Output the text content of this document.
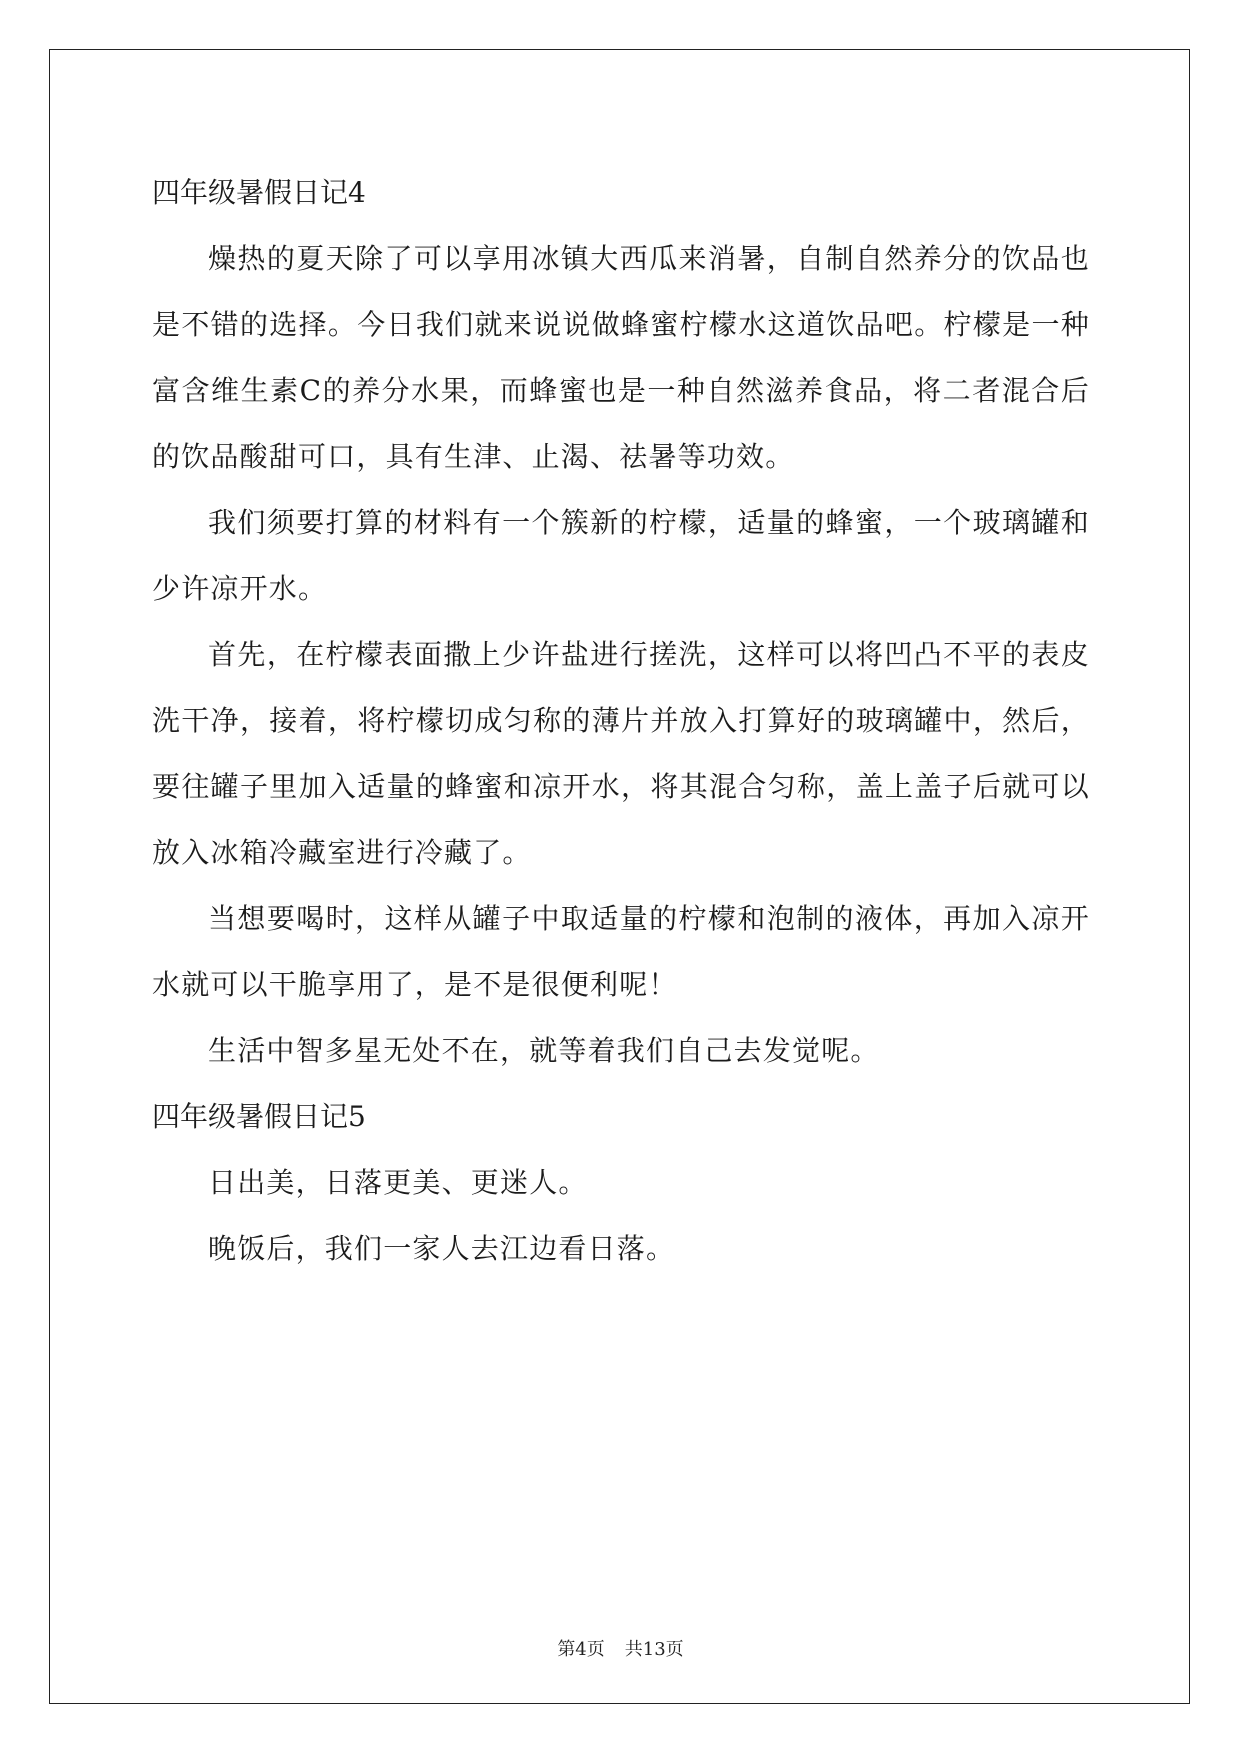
四年级暑假日记4

燥热的夏天除了可以享用冰镇大西瓜来消暑，自制自然养分的饮品也是不错的选择。今日我们就来说说做蜂蜜柠檬水这道饮品吧。柠檬是一种富含维生素C的养分水果，而蜂蜜也是一种自然滋养食品，将二者混合后的饮品酸甜可口，具有生津、止渴、祛暑等功效。

我们须要打算的材料有一个簇新的柠檬，适量的蜂蜜，一个玻璃罐和少许凉开水。

首先，在柠檬表面撒上少许盐进行搓洗，这样可以将凹凸不平的表皮洗干净，接着，将柠檬切成匀称的薄片并放入打算好的玻璃罐中，然后，要往罐子里加入适量的蜂蜜和凉开水，将其混合匀称，盖上盖子后就可以放入冰箱冷藏室进行冷藏了。

当想要喝时，这样从罐子中取适量的柠檬和泡制的液体，再加入凉开水就可以干脆享用了，是不是很便利呢！

生活中智多星无处不在，就等着我们自己去发觉呢。

四年级暑假日记5

日出美，日落更美、更迷人。

晚饭后，我们一家人去江边看日落。

第4页 共13页
